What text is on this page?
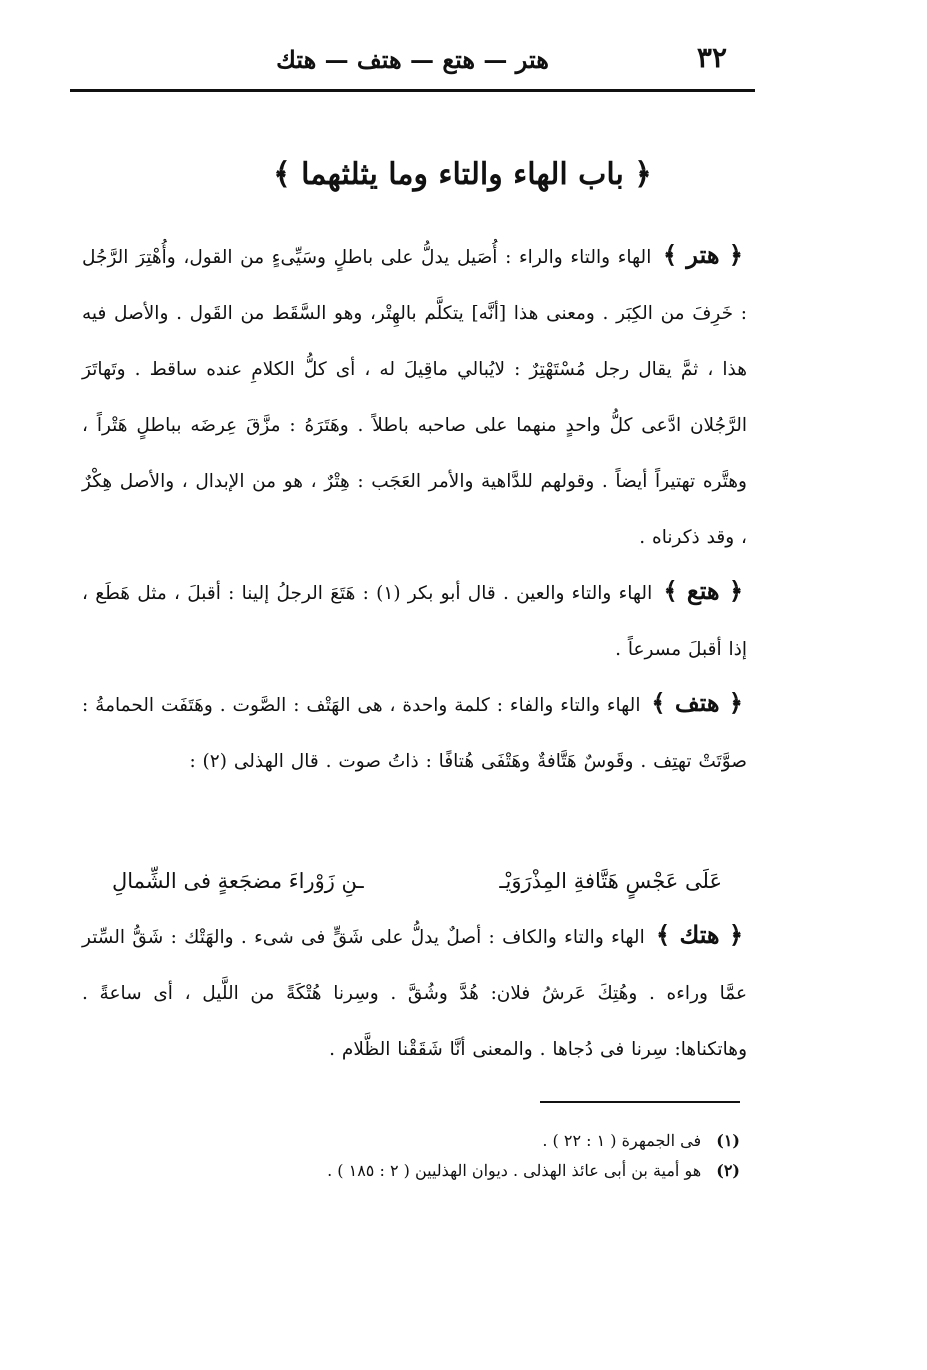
٣٢
هتر — هتع — هتف — هتك
﴿ باب الهاء والتاء وما يثلثهما ﴾

﴿ هتر ﴾ الهاء والتاء والراء : أُصَيل يدلُّ على باطلٍ وسَيِّىءٍ من القول، وأُهْتِرَ الرَّجُل : خَرِفَ من الكِبَر . ومعنى هذا [أنَّه] يتكلَّم بالهِتْر، وهو السَّقَط من القَول . والأصل فيه هذا ، ثمَّ يقال رجل مُسْتَهْتِرٌ : لايُبالي ماقِيلَ له ، أى كلُّ الكلامِ عنده ساقط . وتَهاتَرَ الرَّجُلان ادَّعى كلُّ واحدٍ منهما على صاحبه باطلاً . وهَتَرَهُ : مزَّقَ عِرضَه بباطلٍ هَتْراً ، وهتَّره تهتيراً أيضاً . وقولهم للدَّاهية والأمر العَجَب : هِتْرٌ ، هو من الإبدال ، والأصل هِكْرٌ ، وقد ذكرناه .

﴿ هتع ﴾ الهاء والتاء والعين . قال أبو بكر (١) : هَتَعَ الرجلُ إلينا : أقبلَ ، مثل هَطَع ، إذا أقبلَ مسرعاً .

﴿ هتف ﴾ الهاء والتاء والفاء : كلمة واحدة ، هى الهَتْف : الصَّوت . وهَتَفَت الحمامةُ : صوَّتَتْ تهتِف . وقَوسٌ هَتَّافةٌ وهَتْفَى هُتافًا : ذاتُ صوت . قال الهذلى (٢) :

عَلَى عَجْسٍ هَتَّافةِ المِذْرَوَيْـ
ـنِ زَوْراءَ مضجَعةٍ فى الشِّمالِ

﴿ هتك ﴾ الهاء والتاء والكاف : أصلٌ يدلُّ على شَقٍّ فى شىء . والهَتْك : شَقُّ السِّتر عمَّا وراءه . وهُتِكَ عَرشُ فلان: هُدَّ وشُقَّ . وسِرنا هُتْكَةً من اللَّيل ، أى ساعةً . وهاتكناها: سِرنا فى دُجاها . والمعنى أنَّا شَقَقْنا الظَّلام .

(١) فى الجمهرة ( ١ : ٢٢ ) .

(٢) هو أمية بن أبى عائذ الهذلى . ديوان الهذليين ( ٢ : ١٨٥ ) .
